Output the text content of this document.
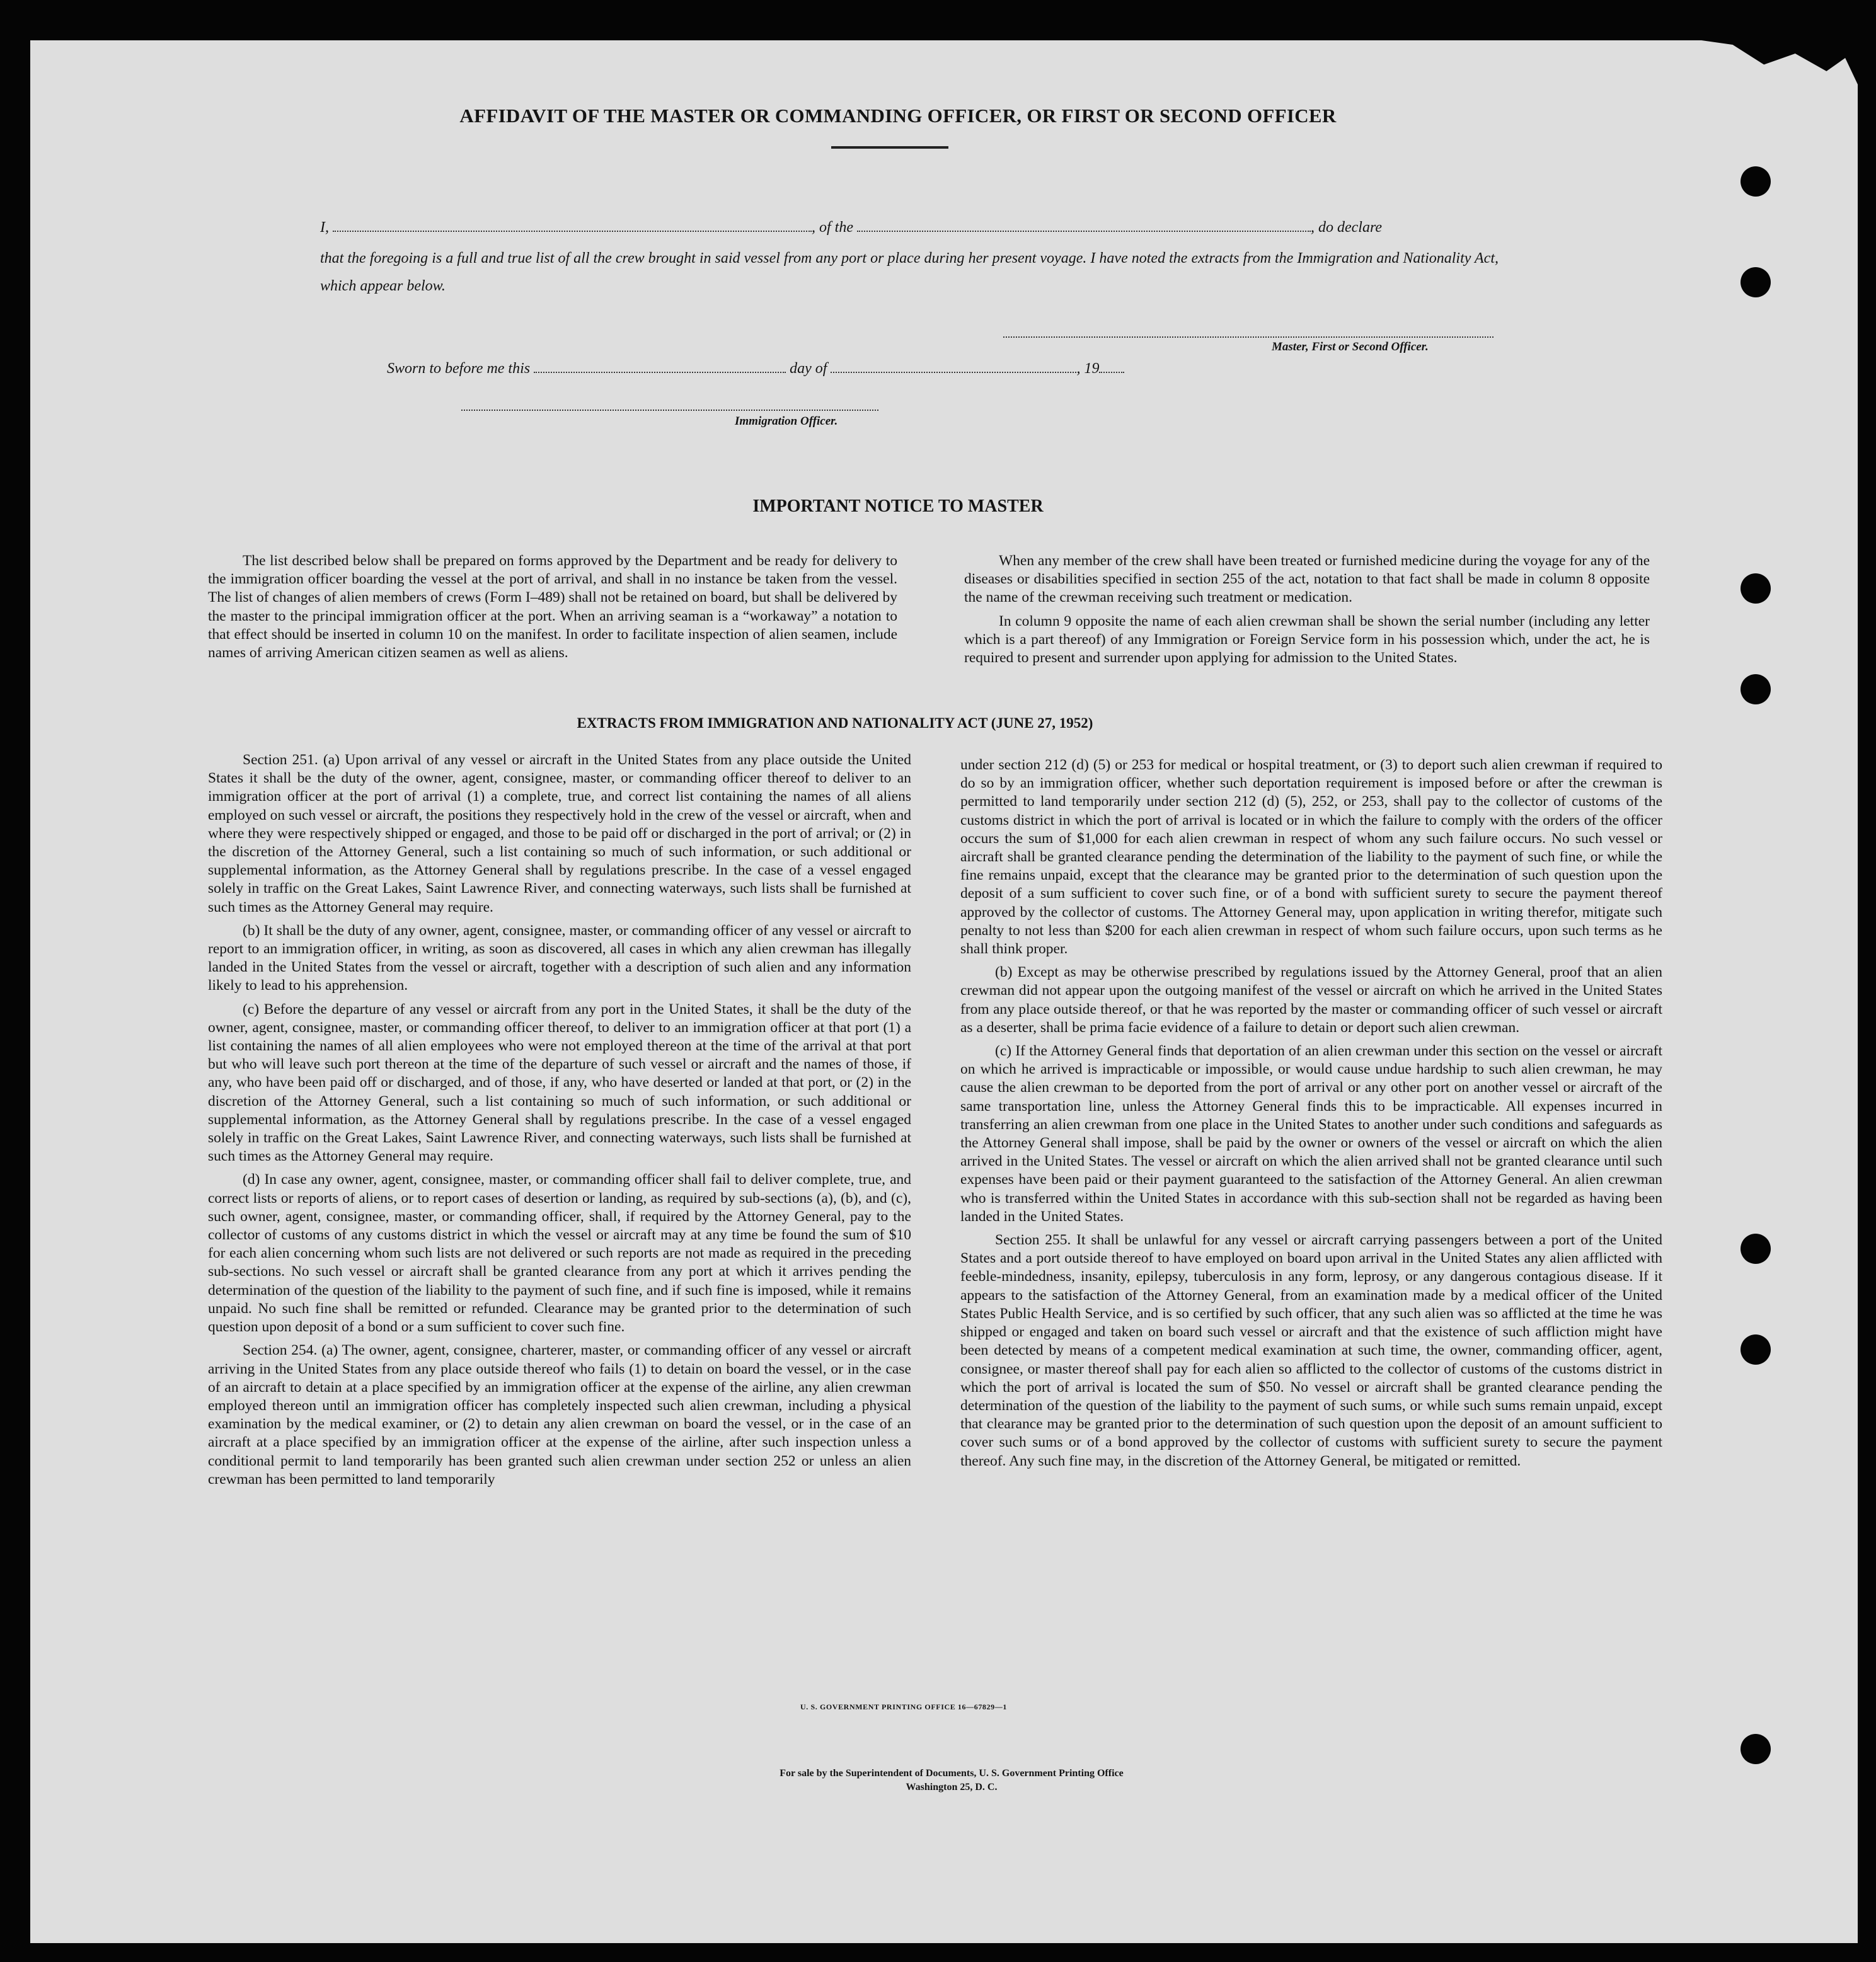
AFFIDAVIT OF THE MASTER OR COMMANDING OFFICER, OR FIRST OR SECOND OFFICER
I,	, of the	, do declare
that the foregoing is a full and true list of all the crew brought in said vessel from any port or place during her present voyage. I have noted the extracts from the Immigration and Nationality Act, which appear below.
Master, First or Second Officer.
Sworn to before me this	day of	, 19
Immigration Officer.
IMPORTANT NOTICE TO MASTER

The list described below shall be prepared on forms approved by the Department and be ready for delivery to the immigration officer boarding the vessel at the port of arrival, and shall in no instance be taken from the vessel. The list of changes of alien members of crews (Form I–489) shall not be retained on board, but shall be delivered by the master to the principal immigration officer at the port. When an arriving seaman is a “workaway” a notation to that effect should be inserted in column 10 on the manifest. In order to facilitate inspection of alien seamen, include names of arriving American citizen seamen as well as aliens.

When any member of the crew shall have been treated or furnished medicine during the voyage for any of the diseases or disabilities specified in section 255 of the act, notation to that fact shall be made in column 8 opposite the name of the crewman receiving such treatment or medication.

In column 9 opposite the name of each alien crewman shall be shown the serial number (including any letter which is a part thereof) of any Immigration or Foreign Service form in his possession which, under the act, he is required to present and surrender upon applying for admission to the United States.

EXTRACTS FROM IMMIGRATION AND NATIONALITY ACT (JUNE 27, 1952)

Section 251. (a) Upon arrival of any vessel or aircraft in the United States from any place outside the United States it shall be the duty of the owner, agent, consignee, master, or commanding officer thereof to deliver to an immigration officer at the port of arrival (1) a complete, true, and correct list containing the names of all aliens employed on such vessel or aircraft, the positions they respectively hold in the crew of the vessel or aircraft, when and where they were respectively shipped or engaged, and those to be paid off or discharged in the port of arrival; or (2) in the discretion of the Attorney General, such a list containing so much of such information, or such additional or supplemental information, as the Attorney General shall by regulations prescribe. In the case of a vessel engaged solely in traffic on the Great Lakes, Saint Lawrence River, and connecting waterways, such lists shall be furnished at such times as the Attorney General may require.

(b) It shall be the duty of any owner, agent, consignee, master, or commanding officer of any vessel or aircraft to report to an immigration officer, in writing, as soon as discovered, all cases in which any alien crewman has illegally landed in the United States from the vessel or aircraft, together with a description of such alien and any information likely to lead to his apprehension.

(c) Before the departure of any vessel or aircraft from any port in the United States, it shall be the duty of the owner, agent, consignee, master, or commanding officer thereof, to deliver to an immigration officer at that port (1) a list containing the names of all alien employees who were not employed thereon at the time of the arrival at that port but who will leave such port thereon at the time of the departure of such vessel or aircraft and the names of those, if any, who have been paid off or discharged, and of those, if any, who have deserted or landed at that port, or (2) in the discretion of the Attorney General, such a list containing so much of such information, or such additional or supplemental information, as the Attorney General shall by regulations prescribe. In the case of a vessel engaged solely in traffic on the Great Lakes, Saint Lawrence River, and connecting waterways, such lists shall be furnished at such times as the Attorney General may require.

(d) In case any owner, agent, consignee, master, or commanding officer shall fail to deliver complete, true, and correct lists or reports of aliens, or to report cases of desertion or landing, as required by sub-sections (a), (b), and (c), such owner, agent, consignee, master, or commanding officer, shall, if required by the Attorney General, pay to the collector of customs of any customs district in which the vessel or aircraft may at any time be found the sum of $10 for each alien concerning whom such lists are not delivered or such reports are not made as required in the preceding sub-sections. No such vessel or aircraft shall be granted clearance from any port at which it arrives pending the determination of the question of the liability to the payment of such fine, and if such fine is imposed, while it remains unpaid. No such fine shall be remitted or refunded. Clearance may be granted prior to the determination of such question upon deposit of a bond or a sum sufficient to cover such fine.

Section 254. (a) The owner, agent, consignee, charterer, master, or commanding officer of any vessel or aircraft arriving in the United States from any place outside thereof who fails (1) to detain on board the vessel, or in the case of an aircraft to detain at a place specified by an immigration officer at the expense of the airline, any alien crewman employed thereon until an immigration officer has completely inspected such alien crewman, including a physical examination by the medical examiner, or (2) to detain any alien crewman on board the vessel, or in the case of an aircraft at a place specified by an immigration officer at the expense of the airline, after such inspection unless a conditional permit to land temporarily has been granted such alien crewman under section 252 or unless an alien crewman has been permitted to land temporarily

under section 212 (d) (5) or 253 for medical or hospital treatment, or (3) to deport such alien crewman if required to do so by an immigration officer, whether such deportation requirement is imposed before or after the crewman is permitted to land temporarily under section 212 (d) (5), 252, or 253, shall pay to the collector of customs of the customs district in which the port of arrival is located or in which the failure to comply with the orders of the officer occurs the sum of $1,000 for each alien crewman in respect of whom any such failure occurs. No such vessel or aircraft shall be granted clearance pending the determination of the liability to the payment of such fine, or while the fine remains unpaid, except that the clearance may be granted prior to the determination of such question upon the deposit of a sum sufficient to cover such fine, or of a bond with sufficient surety to secure the payment thereof approved by the collector of customs. The Attorney General may, upon application in writing therefor, mitigate such penalty to not less than $200 for each alien crewman in respect of whom such failure occurs, upon such terms as he shall think proper.

(b) Except as may be otherwise prescribed by regulations issued by the Attorney General, proof that an alien crewman did not appear upon the outgoing manifest of the vessel or aircraft on which he arrived in the United States from any place outside thereof, or that he was reported by the master or commanding officer of such vessel or aircraft as a deserter, shall be prima facie evidence of a failure to detain or deport such alien crewman.

(c) If the Attorney General finds that deportation of an alien crewman under this section on the vessel or aircraft on which he arrived is impracticable or impossible, or would cause undue hardship to such alien crewman, he may cause the alien crewman to be deported from the port of arrival or any other port on another vessel or aircraft of the same transportation line, unless the Attorney General finds this to be impracticable. All expenses incurred in transferring an alien crewman from one place in the United States to another under such conditions and safeguards as the Attorney General shall impose, shall be paid by the owner or owners of the vessel or aircraft on which the alien arrived in the United States. The vessel or aircraft on which the alien arrived shall not be granted clearance until such expenses have been paid or their payment guaranteed to the satisfaction of the Attorney General. An alien crewman who is transferred within the United States in accordance with this sub-section shall not be regarded as having been landed in the United States.

Section 255. It shall be unlawful for any vessel or aircraft carrying passengers between a port of the United States and a port outside thereof to have employed on board upon arrival in the United States any alien afflicted with feeble-mindedness, insanity, epilepsy, tuberculosis in any form, leprosy, or any dangerous contagious disease. If it appears to the satisfaction of the Attorney General, from an examination made by a medical officer of the United States Public Health Service, and is so certified by such officer, that any such alien was so afflicted at the time he was shipped or engaged and taken on board such vessel or aircraft and that the existence of such affliction might have been detected by means of a competent medical examination at such time, the owner, commanding officer, agent, consignee, or master thereof shall pay for each alien so afflicted to the collector of customs of the customs district in which the port of arrival is located the sum of $50. No vessel or aircraft shall be granted clearance pending the determination of the question of the liability to the payment of such sums, or while such sums remain unpaid, except that clearance may be granted prior to the determination of such question upon the deposit of an amount sufficient to cover such sums or of a bond approved by the collector of customs with sufficient surety to secure the payment thereof. Any such fine may, in the discretion of the Attorney General, be mitigated or remitted.

U. S. GOVERNMENT PRINTING OFFICE 16—67829—1
For sale by the Superintendent of Documents, U. S. Government Printing Office
Washington 25, D. C.
